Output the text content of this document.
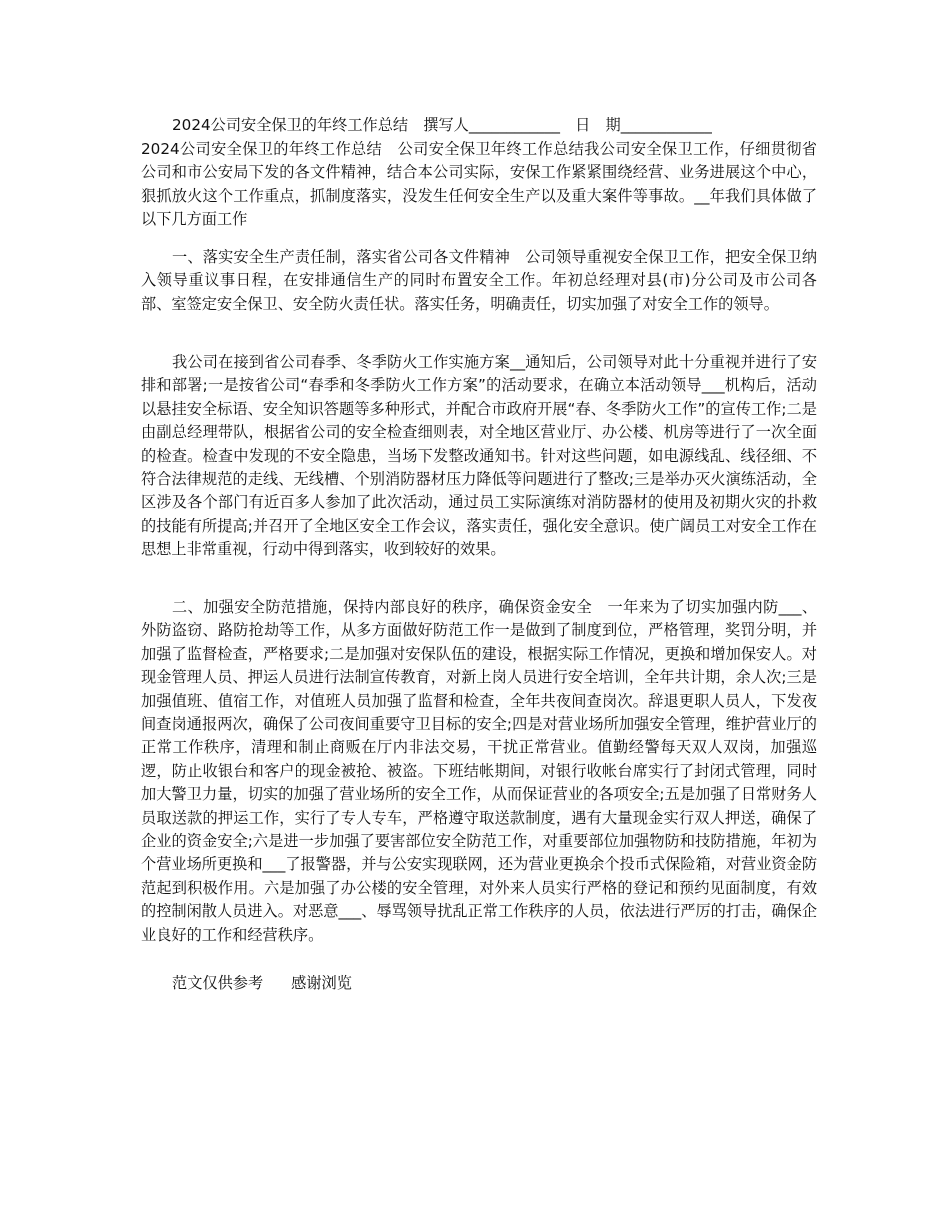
2024公司安全保卫的年终工作总结　撰写人____________　日　期____________

2024公司安全保卫的年终工作总结　公司安全保卫年终工作总结我公司安全保卫工作，仔细贯彻省公司和市公安局下发的各文件精神，结合本公司实际，安保工作紧紧围绕经营、业务进展这个中心，狠抓放火这个工作重点，抓制度落实，没发生任何安全生产以及重大案件等事故。__年我们具体做了以下几方面工作

一、落实安全生产责任制，落实省公司各文件精神　公司领导重视安全保卫工作，把安全保卫纳入领导重议事日程，在安排通信生产的同时布置安全工作。年初总经理对县(市)分公司及市公司各部、室签定安全保卫、安全防火责任状。落实任务，明确责任，切实加强了对安全工作的领导。

我公司在接到省公司春季、冬季防火工作实施方案__通知后，公司领导对此十分重视并进行了安排和部署;一是按省公司“春季和冬季防火工作方案”的活动要求，在确立本活动领导___机构后，活动以悬挂安全标语、安全知识答题等多种形式，并配合市政府开展“春、冬季防火工作”的宣传工作;二是由副总经理带队，根据省公司的安全检查细则表，对全地区营业厅、办公楼、机房等进行了一次全面的检查。检查中发现的不安全隐患，当场下发整改通知书。针对这些问题，如电源线乱、线径细、不符合法律规范的走线、无线槽、个别消防器材压力降低等问题进行了整改;三是举办灭火演练活动，全区涉及各个部门有近百多人参加了此次活动，通过员工实际演练对消防器材的使用及初期火灾的扑救的技能有所提高;并召开了全地区安全工作会议，落实责任，强化安全意识。使广阔员工对安全工作在思想上非常重视，行动中得到落实，收到较好的效果。

二、加强安全防范措施，保持内部良好的秩序，确保资金安全　一年来为了切实加强内防___、外防盗窃、路防抢劫等工作，从多方面做好防范工作一是做到了制度到位，严格管理，奖罚分明，并加强了监督检查，严格要求;二是加强对安保队伍的建设，根据实际工作情况，更换和增加保安人。对现金管理人员、押运人员进行法制宣传教育，对新上岗人员进行安全培训，全年共计期，余人次;三是加强值班、值宿工作，对值班人员加强了监督和检查，全年共夜间查岗次。辞退更职人员人，下发夜间查岗通报两次，确保了公司夜间重要守卫目标的安全;四是对营业场所加强安全管理，维护营业厅的正常工作秩序，清理和制止商贩在厅内非法交易，干扰正常营业。值勤经警每天双人双岗，加强巡逻，防止收银台和客户的现金被抢、被盗。下班结帐期间，对银行收帐台席实行了封闭式管理，同时加大警卫力量，切实的加强了营业场所的安全工作，从而保证营业的各项安全;五是加强了日常财务人员取送款的押运工作，实行了专人专车，严格遵守取送款制度，遇有大量现金实行双人押送，确保了企业的资金安全;六是进一步加强了要害部位安全防范工作，对重要部位加强物防和技防措施，年初为个营业场所更换和___了报警器，并与公安实现联网，还为营业更换余个投币式保险箱，对营业资金防范起到积极作用。六是加强了办公楼的安全管理，对外来人员实行严格的登记和预约见面制度，有效的控制闲散人员进入。对恶意___、辱骂领导扰乱正常工作秩序的人员，依法进行严厉的打击，确保企业良好的工作和经营秩序。

范文仅供参考 感谢浏览
